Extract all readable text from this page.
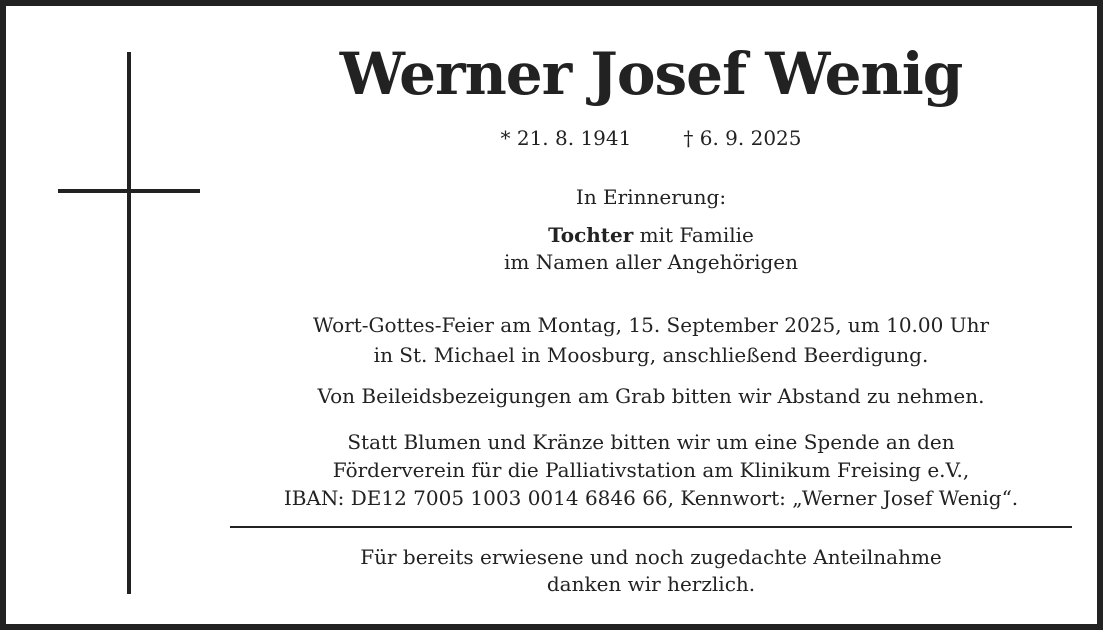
Werner Josef Wenig
* 21. 8. 1941	† 6. 9. 2025
In Erinnerung:
Tochter mit Familie
im Namen aller Angehörigen
Wort-Gottes-Feier am Montag, 15. September 2025, um 10.00 Uhr
in St. Michael in Moosburg, anschließend Beerdigung.
Von Beileidsbezeigungen am Grab bitten wir Abstand zu nehmen.
Statt Blumen und Kränze bitten wir um eine Spende an den
Förderverein für die Palliativstation am Klinikum Freising e.V.,
IBAN: DE12 7005 1003 0014 6846 66, Kennwort: „Werner Josef Wenig“.
Für bereits erwiesene und noch zugedachte Anteilnahme
danken wir herzlich.
